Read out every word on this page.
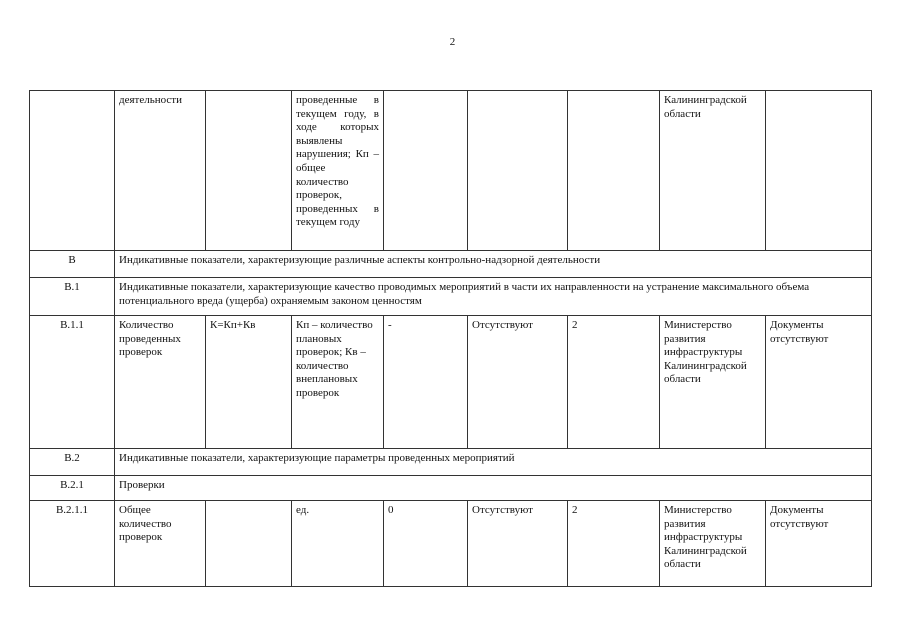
2
	деятельности		проведенные в текущем году, в ходе которых выявлены нарушения; Кп – общее количество проверок, проведенных в текущем году				Калининградской области	
В	Индикативные показатели, характеризующие различные аспекты контрольно-надзорной деятельности							
В.1	Индикативные показатели, характеризующие качество проводимых мероприятий в части их направленности на устранение максимального объема потенциального вреда (ущерба) охраняемым законом ценностям							
В.1.1	Количество проведенных проверок	К=Кп+Кв	Кп – количество плановых проверок; Кв – количество внеплановых проверок	-	Отсутствуют	2	Министерство развития инфраструктуры Калининградской области	Документы отсутствуют
В.2	Индикативные показатели, характеризующие параметры проведенных мероприятий							
В.2.1	Проверки							
В.2.1.1	Общее количество проверок		ед.	0	Отсутствуют	2	Министерство развития инфраструктуры Калининградской области	Документы отсутствуют
